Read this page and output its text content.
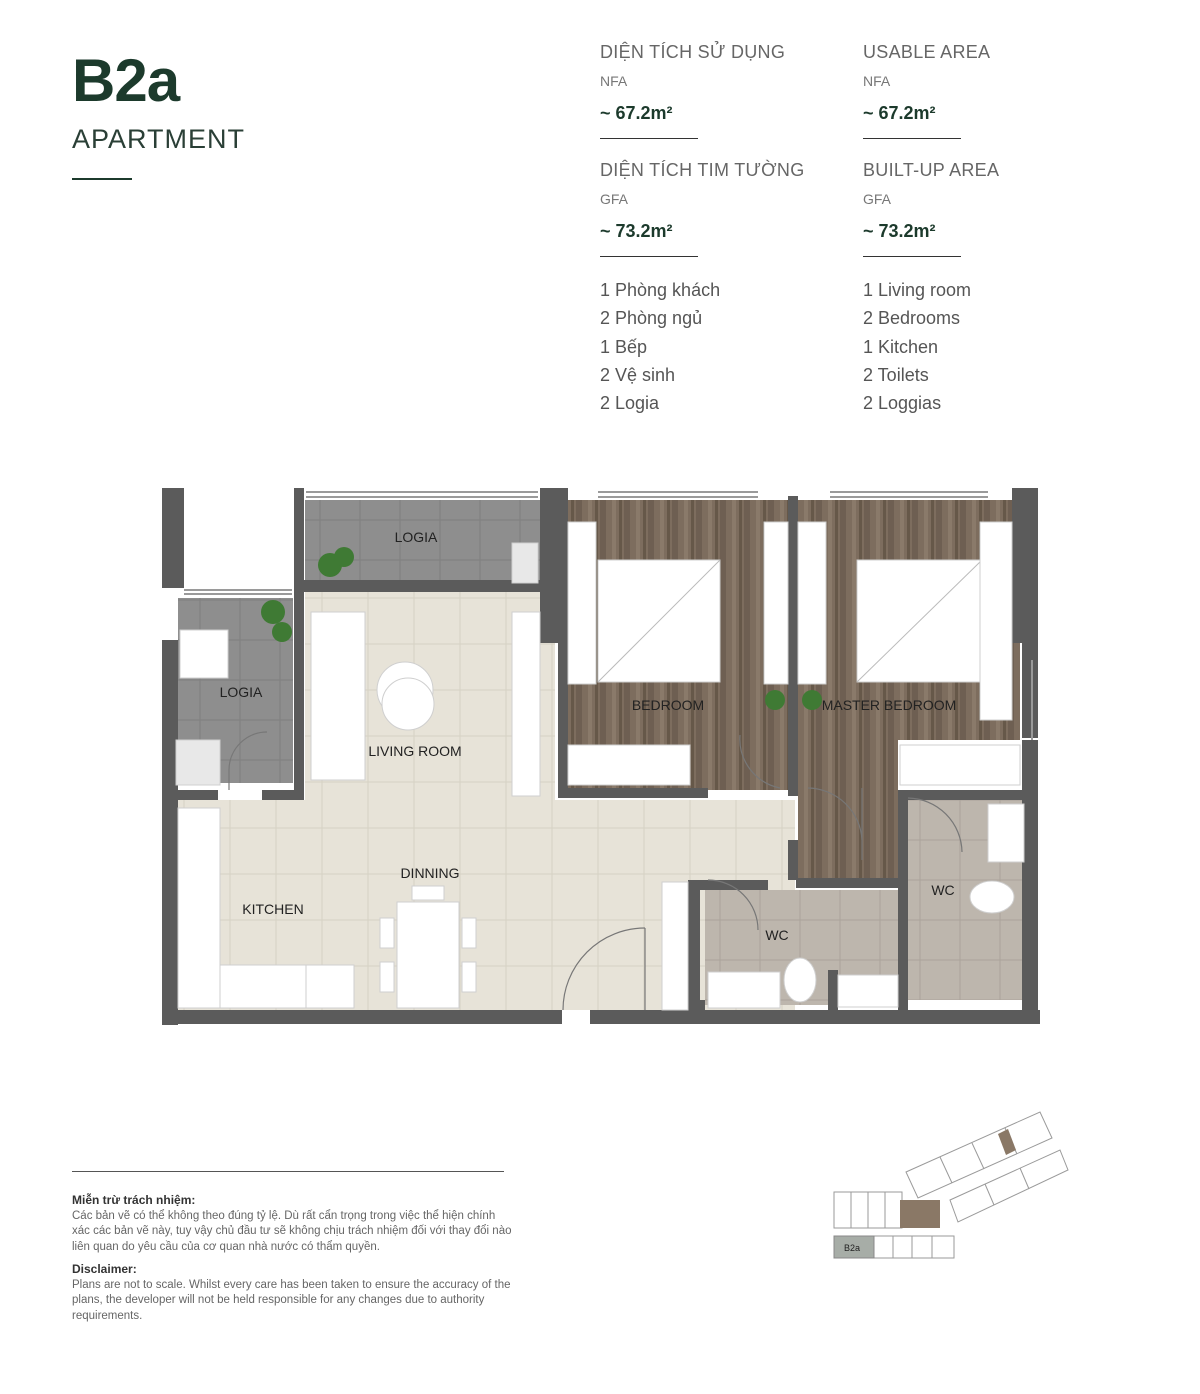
B2a
APARTMENT
DIỆN TÍCH SỬ DỤNG
NFA
~ 67.2m²
DIỆN TÍCH TIM TƯỜNG
GFA
~ 73.2m²
USABLE AREA
NFA
~ 67.2m²
BUILT-UP AREA
GFA
~ 73.2m²
1 Phòng khách
2 Phòng ngủ
1 Bếp
2 Vệ sinh
2 Logia
1 Living room
2 Bedrooms
1 Kitchen
2 Toilets
2 Loggias
LOGIA
LOGIA
LIVING ROOM
BEDROOM	MASTER BEDROOM
DINNING
KITCHEN
WC
WC
Miễn trừ trách nhiệm:
Các bản vẽ có thể không theo đúng tỷ lệ. Dù rất cẩn trọng trong việc thể hiện chính xác các bản vẽ này, tuy vậy chủ đầu tư sẽ không chịu trách nhiệm đối với thay đổi nào liên quan do yêu cầu của cơ quan nhà nước có thẩm quyền.
Disclaimer:
Plans are not to scale. Whilst every care has been taken to ensure the accuracy of the plans, the developer will not be held responsible for any changes due to authority requirements.
B2a
